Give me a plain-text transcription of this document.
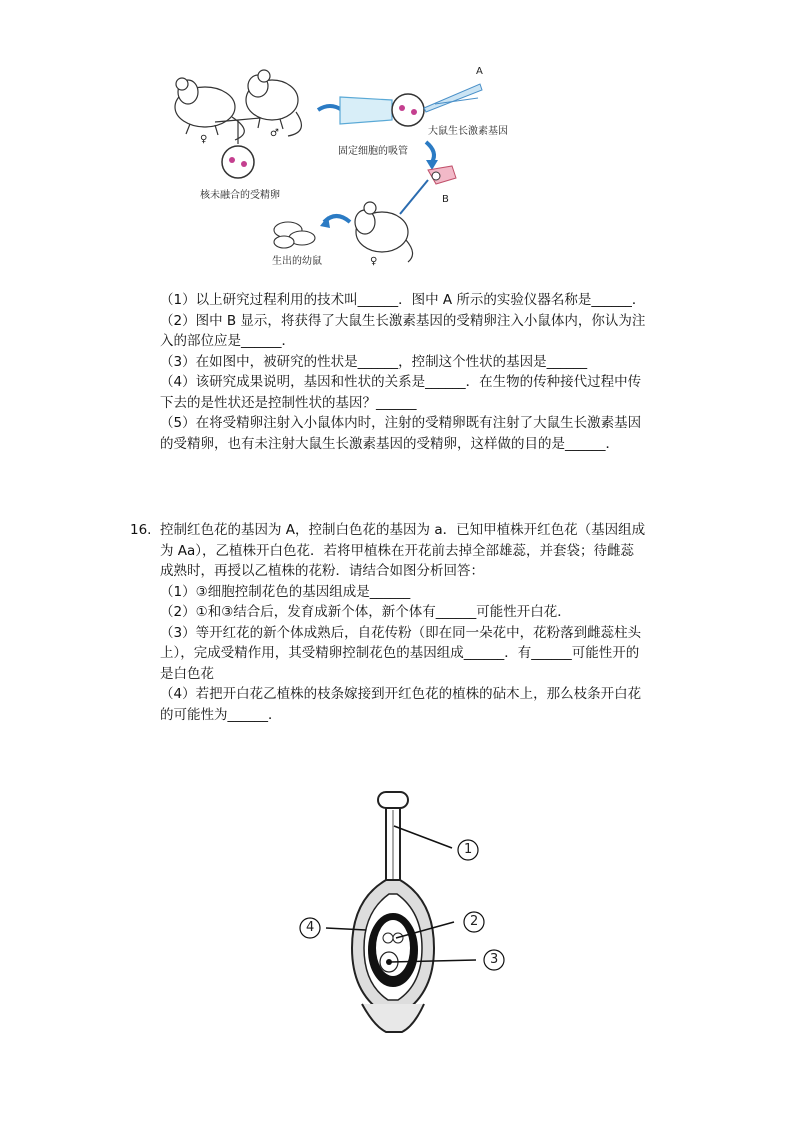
A
B
♀
♂
核未融合的受精卵
固定细胞的吸管
大鼠生长激素基因
生出的幼鼠	♀
（1）以上研究过程利用的技术叫______．图中 A 所示的实验仪器名称是______．
（2）图中 B 显示，将获得了大鼠生长激素基因的受精卵注入小鼠体内，你认为注
入的部位应是______．
（3）在如图中，被研究的性状是______，控制这个性状的基因是______
（4）该研究成果说明，基因和性状的关系是______．在生物的传种接代过程中传
下去的是性状还是控制性状的基因？______
（5）在将受精卵注射入小鼠体内时，注射的受精卵既有注射了大鼠生长激素基因
的受精卵，也有未注射大鼠生长激素基因的受精卵，这样做的目的是______．
16. 控制红色花的基因为 A，控制白色花的基因为 a．已知甲植株开红色花（基因组成
为 Aa），乙植株开白色花．若将甲植株在开花前去掉全部雄蕊，并套袋；待雌蕊
成熟时，再授以乙植株的花粉．请结合如图分析回答：
（1）③细胞控制花色的基因组成是______
（2）①和③结合后，发育成新个体，新个体有______可能性开白花．
（3）等开红花的新个体成熟后，自花传粉（即在同一朵花中，花粉落到雌蕊柱头
上），完成受精作用，其受精卵控制花色的基因组成______．有______可能性开的
是白色花
（4）若把开白花乙植株的枝条嫁接到开红色花的植株的砧木上，那么枝条开白花
的可能性为______．
1
2
3
4
